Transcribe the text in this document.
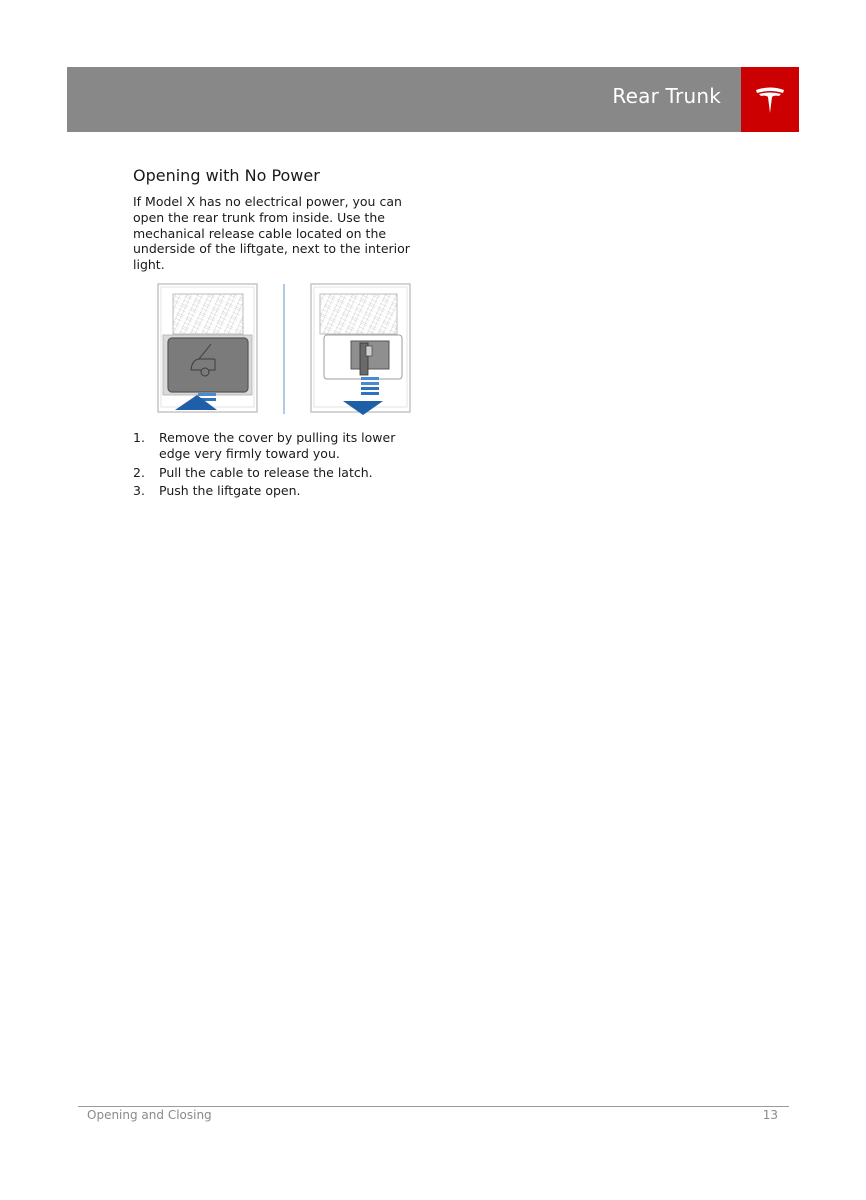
Rear Trunk
Opening with No Power

If Model X has no electrical power, you can open the rear trunk from inside. Use the mechanical release cable located on the underside of the liftgate, next to the interior light.

1.	Remove the cover by pulling its lower edge very firmly toward you.
2.	Pull the cable to release the latch.
3.	Push the liftgate open.
Opening and Closing	13
